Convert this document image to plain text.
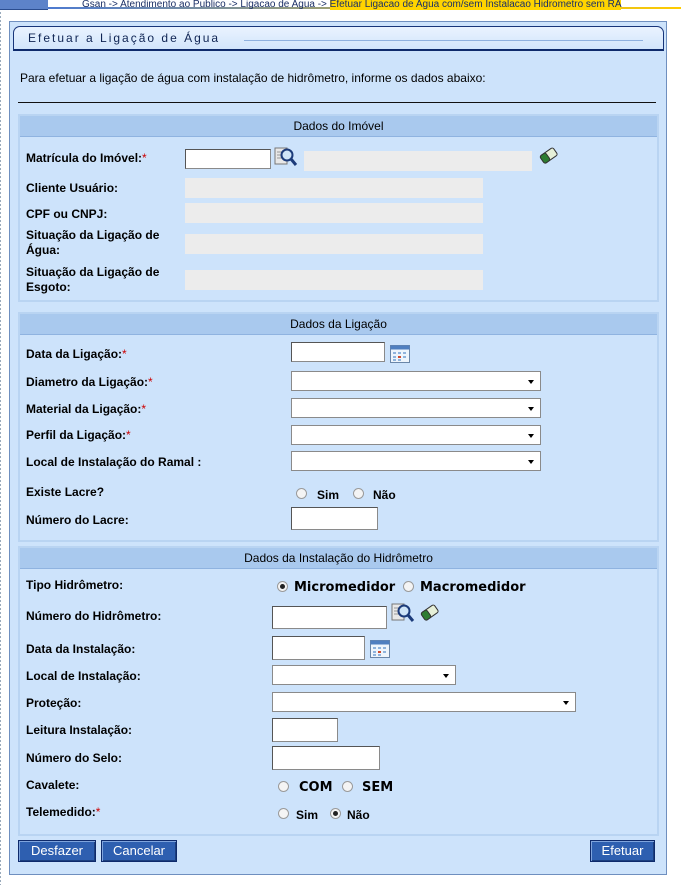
Gsan -> Atendimento ao Publico -> Ligacao de Agua -> Efetuar Ligacao de Agua com/sem Instalacao Hidrometro sem RA
Efetuar a Ligação de Água
Para efetuar a ligação de água com instalação de hidrômetro, informe os dados abaixo:
Dados do Imóvel
Matrícula do Imóvel:*
Cliente Usuário:
CPF ou CNPJ:
Situação da Ligação de
Água:
Situação da Ligação de
Esgoto:
Dados da Ligação
Data da Ligação:*
Diametro da Ligação:*
Material da Ligação:*
Perfil da Ligação:*
Local de Instalação do Ramal :
Existe Lacre?	Sim	Não
Número do Lacre:
Dados da Instalação do Hidrômetro
Tipo Hidrômetro:	Micromedidor Macromedidor
Número do Hidrômetro:
Data da Instalação:
Local de Instalação:
Proteção:
Leitura Instalação:
Número do Selo:
Cavalete:	COM SEM
Telemedido:*	Sim Não
Desfazer	Cancelar	Efetuar
